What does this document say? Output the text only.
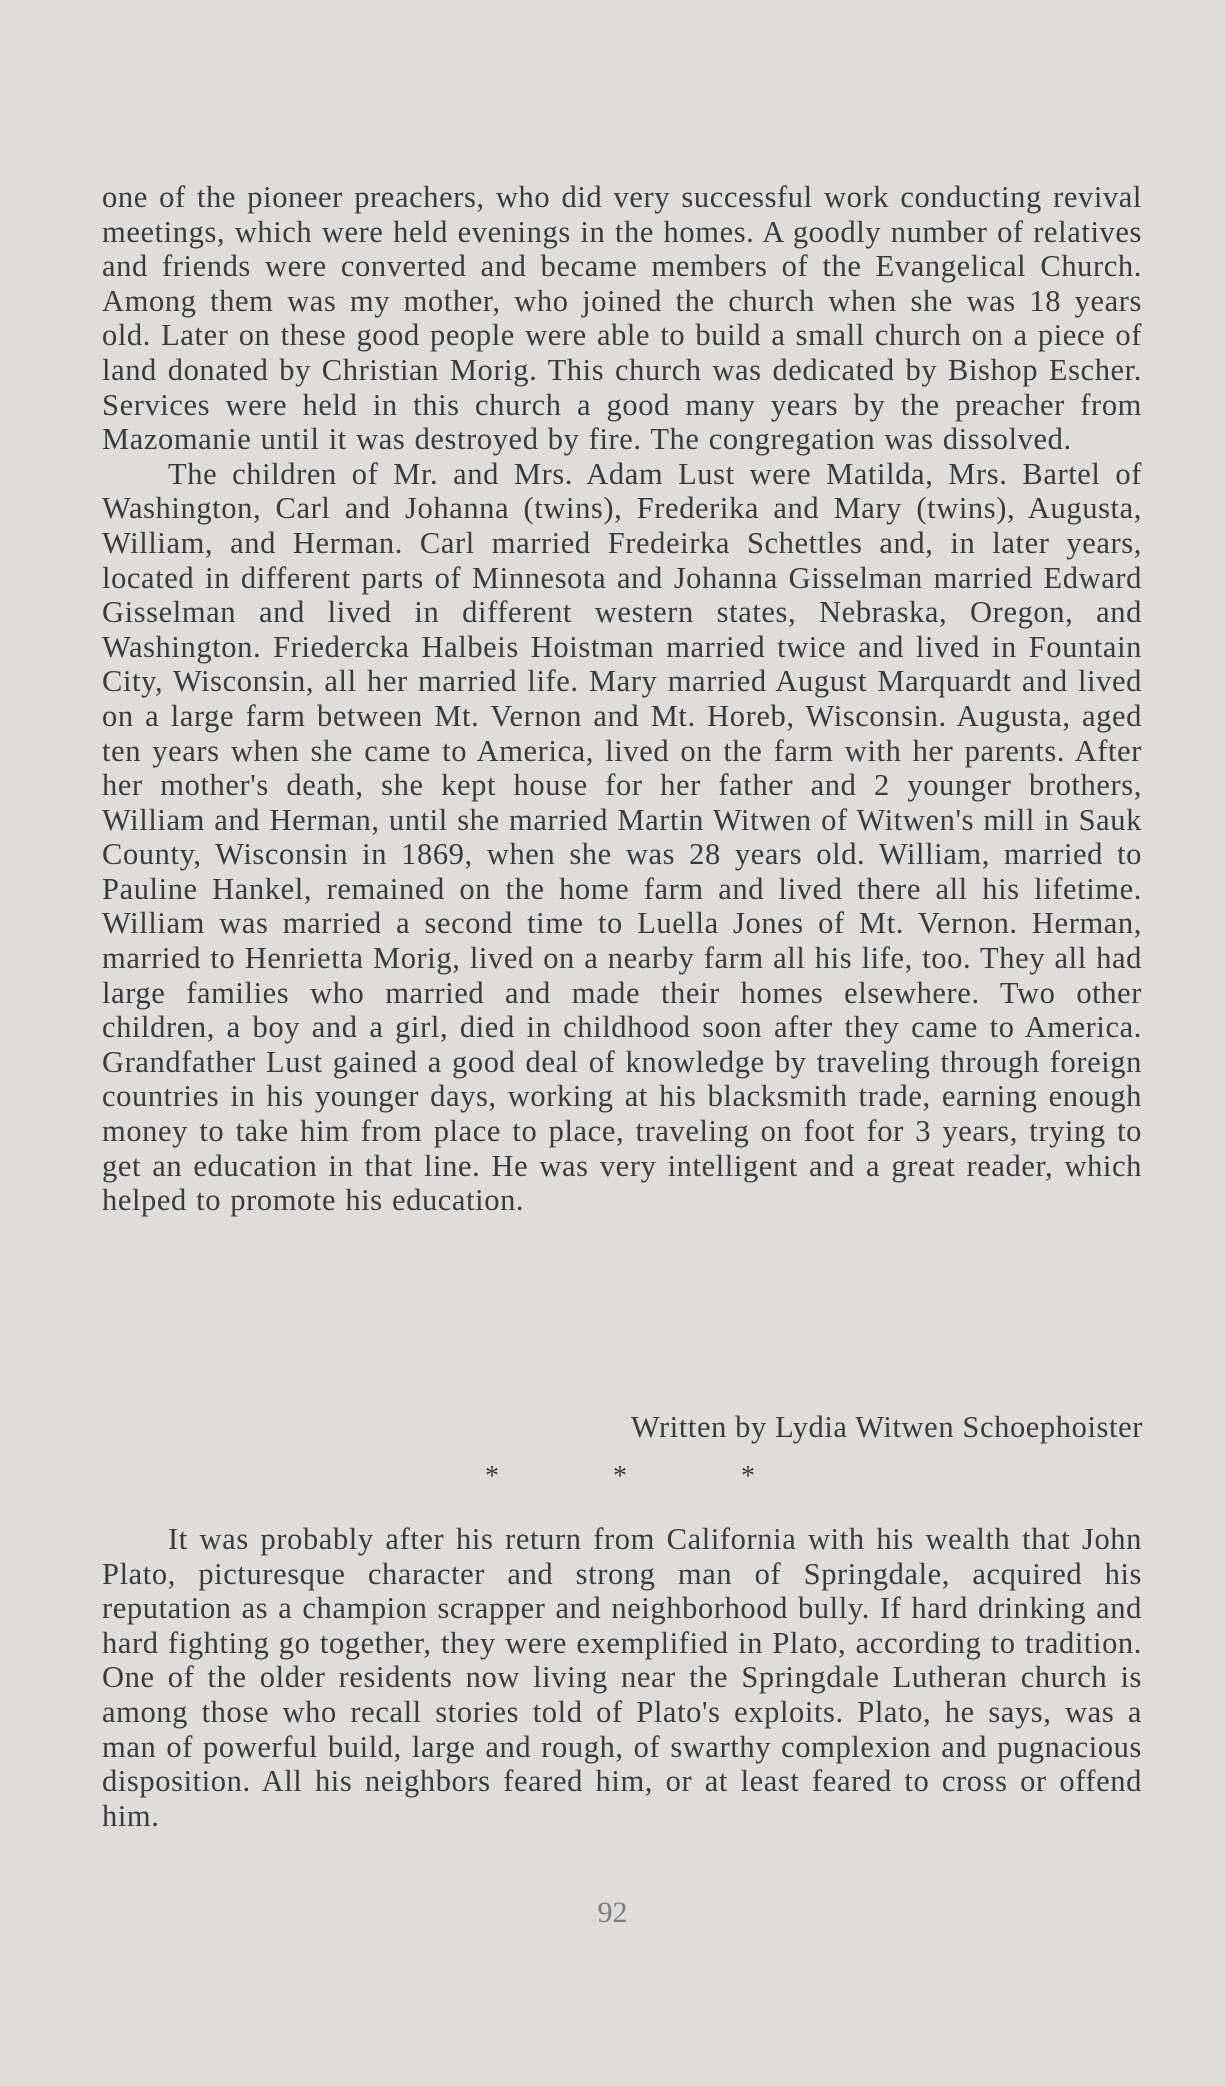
one of the pioneer preachers, who did very successful work conducting revival meetings, which were held evenings in the homes. A goodly number of relatives and friends were converted and became members of the Evangelical Church. Among them was my mother, who joined the church when she was 18 years old. Later on these good people were able to build a small church on a piece of land donated by Christian Morig. This church was dedicated by Bishop Escher. Services were held in this church a good many years by the preacher from Mazomanie until it was destroyed by fire. The congregation was dissolved.

The children of Mr. and Mrs. Adam Lust were Matilda, Mrs. Bartel of Washington, Carl and Johanna (twins), Frederika and Mary (twins), Augusta, William, and Herman. Carl married Fredeirka Schettles and, in later years, located in different parts of Minnesota and Johanna Gisselman married Edward Gisselman and lived in different western states, Nebraska, Oregon, and Washington. Friedercka Halbeis Hoistman married twice and lived in Fountain City, Wisconsin, all her married life. Mary married August Marquardt and lived on a large farm between Mt. Vernon and Mt. Horeb, Wisconsin. Augusta, aged ten years when she came to America, lived on the farm with her parents. After her mother's death, she kept house for her father and 2 younger brothers, William and Herman, until she married Martin Witwen of Witwen's mill in Sauk County, Wisconsin in 1869, when she was 28 years old. William, married to Pauline Hankel, remained on the home farm and lived there all his lifetime. William was married a second time to Luella Jones of Mt. Vernon. Herman, married to Henrietta Morig, lived on a nearby farm all his life, too. They all had large families who married and made their homes elsewhere. Two other children, a boy and a girl, died in childhood soon after they came to America. Grandfather Lust gained a good deal of knowledge by traveling through foreign countries in his younger days, working at his blacksmith trade, earning enough money to take him from place to place, traveling on foot for 3 years, trying to get an education in that line. He was very intelligent and a great reader, which helped to promote his education.

Written by Lydia Witwen Schoephoister
*	*	*

It was probably after his return from California with his wealth that John Plato, picturesque character and strong man of Springdale, acquired his reputation as a champion scrapper and neighborhood bully. If hard drinking and hard fighting go together, they were exemplified in Plato, according to tradition. One of the older residents now living near the Springdale Lutheran church is among those who recall stories told of Plato's exploits. Plato, he says, was a man of powerful build, large and rough, of swarthy complexion and pugnacious disposition. All his neighbors feared him, or at least feared to cross or offend him.

92
